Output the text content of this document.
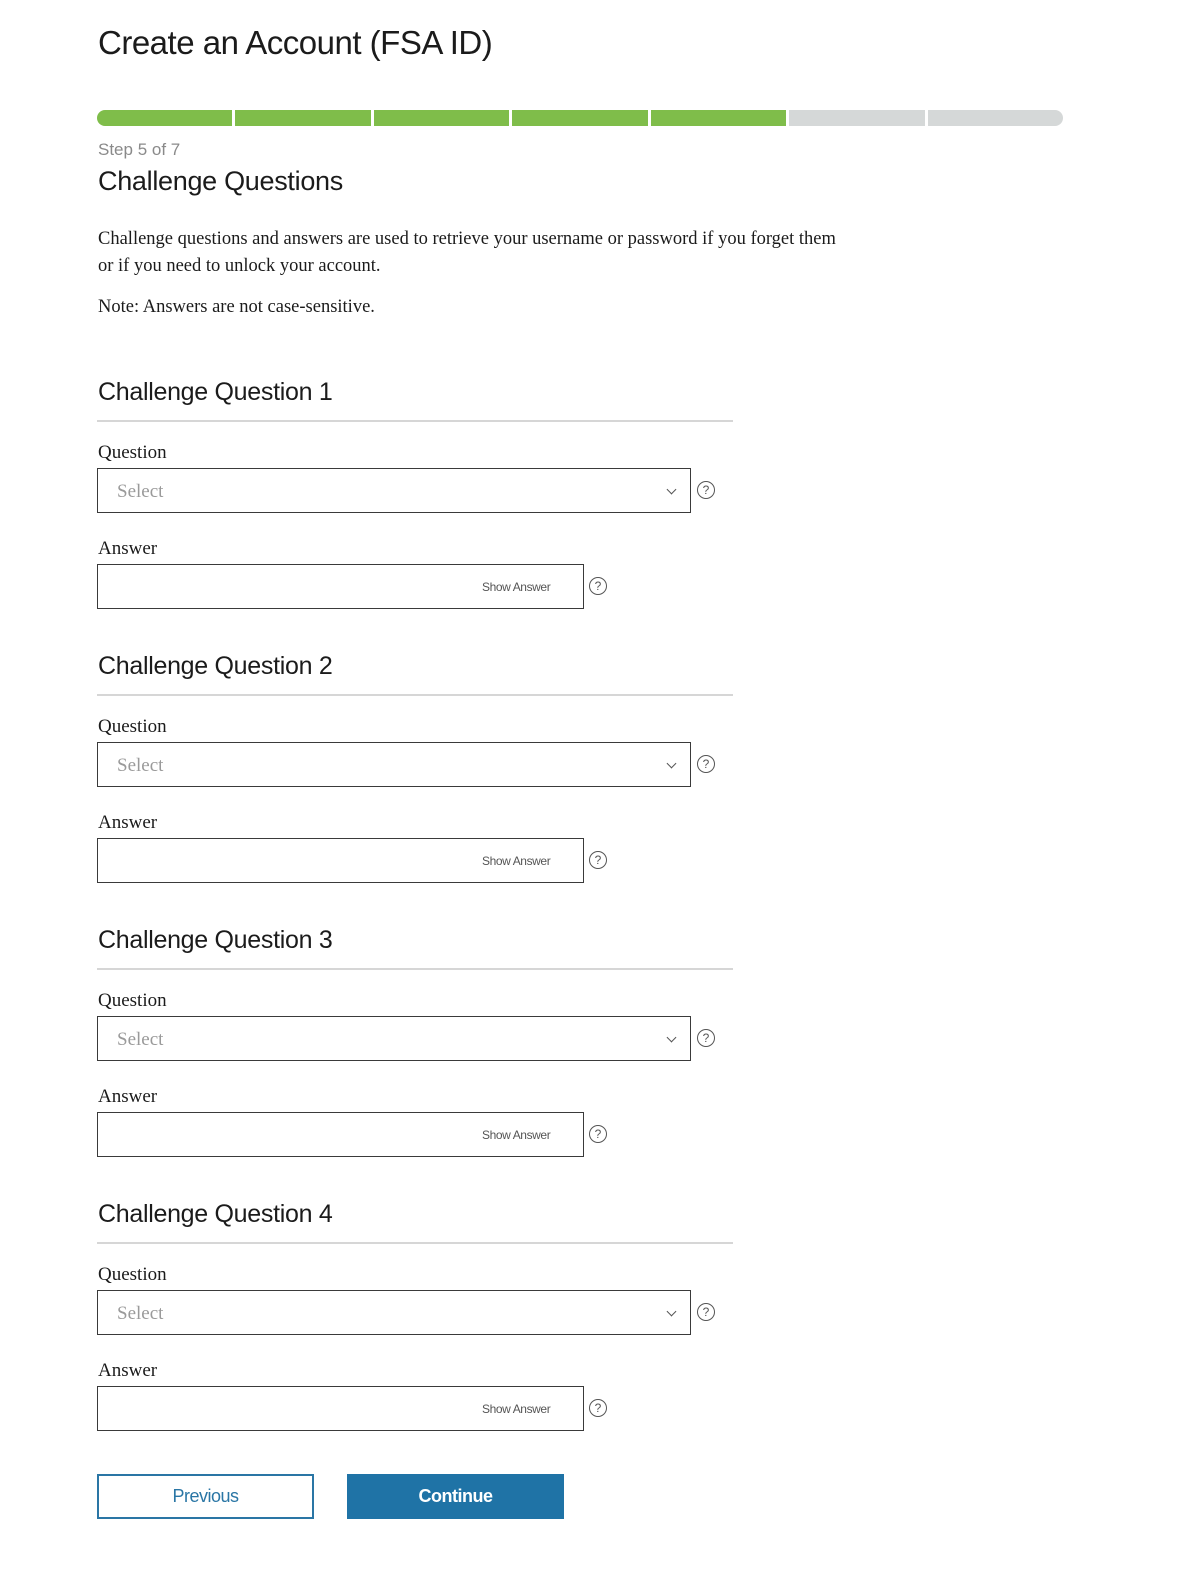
Create an Account (FSA ID)
Step 5 of 7
Challenge Questions

Challenge questions and answers are used to retrieve your username or password if you forget them or if you need to unlock your account.

Note: Answers are not case-sensitive.

Challenge Question 1
Question
Select	?
Answer
Show Answer	?
Challenge Question 2
Question
Select	?
Answer
Show Answer	?
Challenge Question 3
Question
Select	?
Answer
Show Answer	?
Challenge Question 4
Question
Select	?
Answer
Show Answer	?
Previous	Continue
